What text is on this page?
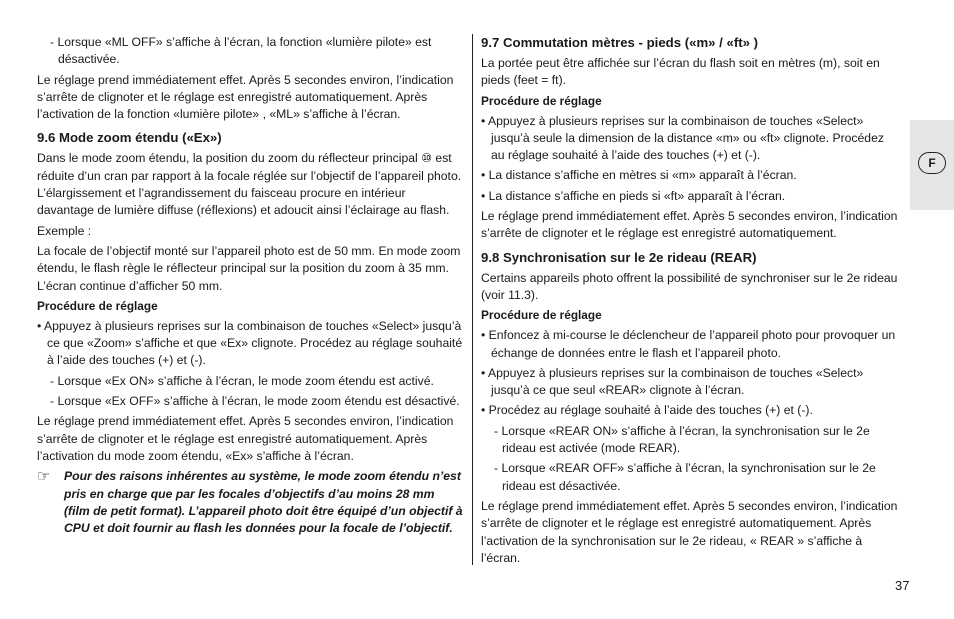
- Lorsque «ML OFF» s’affiche à l’écran, la fonction «lumière pilote» est désactivée.

Le réglage prend immédiatement effet. Après 5 secondes environ, l’indication s’arrête de clignoter et le réglage est enregistré automatiquement. Après l’activation de la fonction «lumière pilote» , «ML» s’affiche à l’écran.

9.6 Mode zoom étendu («Ex»)

Dans le mode zoom étendu, la position du zoom du réflecteur principal ⑩ est réduite d’un cran par rapport à la focale réglée sur l’objectif de l’appareil photo. L’élargissement et l’agrandissement du faisceau procure en intérieur davantage de lumière diffuse (réflexions) et adoucit ainsi l’éclairage au flash.

Exemple :

La focale de l’objectif monté sur l’appareil photo est de 50 mm. En mode zoom étendu, le flash règle le réflecteur principal sur la position du zoom à 35 mm. L’écran continue d’afficher 50 mm.

Procédure de réglage

• Appuyez à plusieurs reprises sur la combinaison de touches «Select» jusqu’à ce que «Zoom» s’affiche et que «Ex» clignote. Procédez au réglage souhaité à l’aide des touches (+) et (-).

- Lorsque «Ex ON» s’affiche à l’écran, le mode zoom étendu est activé.

- Lorsque «Ex OFF» s’affiche à l’écran, le mode zoom étendu est désactivé.

Le réglage prend immédiatement effet. Après 5 secondes environ, l’indication s’arrête de clignoter et le réglage est enregistré automatiquement. Après l’activation du mode zoom étendu, «Ex» s’affiche à l’écran.

☞ Pour des raisons inhérentes au système, le mode zoom étendu n’est pris en charge que par les focales d’objectifs d’au moins 28 mm (film de petit format). L’appareil photo doit être équipé d’un objectif à CPU et doit fournir au flash les données pour la focale de l’objectif.

9.7 Commutation mètres - pieds («m» / «ft» )

La portée peut être affichée sur l’écran du flash soit en mètres (m), soit en pieds (feet = ft).

Procédure de réglage

• Appuyez à plusieurs reprises sur la combinaison de touches «Select» jusqu’à seule la dimension de la distance «m» ou «ft» clignote. Procédez au réglage souhaité à l’aide des touches (+) et (-).

• La distance s’affiche en mètres si «m» apparaît à l’écran.

• La distance s’affiche en pieds si «ft» apparaît à l’écran.

Le réglage prend immédiatement effet. Après 5 secondes environ, l’indication s’arrête de clignoter et le réglage est enregistré automatiquement.

9.8 Synchronisation sur le 2e rideau (REAR)

Certains appareils photo offrent la possibilité de synchroniser sur le 2e rideau (voir 11.3).

Procédure de réglage

• Enfoncez à mi-course le déclencheur de l’appareil photo pour provoquer un échange de données entre le flash et l’appareil photo.

• Appuyez à plusieurs reprises sur la combinaison de touches «Select» jusqu’à ce que seul «REAR» clignote à l’écran.

• Procédez au réglage souhaité à l’aide des touches (+) et (-).

- Lorsque «REAR ON» s’affiche à l’écran, la synchronisation sur le 2e rideau est activée (mode REAR).

- Lorsque «REAR OFF» s’affiche à l’écran, la synchronisation sur le 2e rideau est désactivée.

Le réglage prend immédiatement effet. Après 5 secondes environ, l’indication s’arrête de clignoter et le réglage est enregistré automatiquement. Après l’activation de la synchronisation sur le 2e rideau, « REAR » s’affiche à l’écran.

F
37
